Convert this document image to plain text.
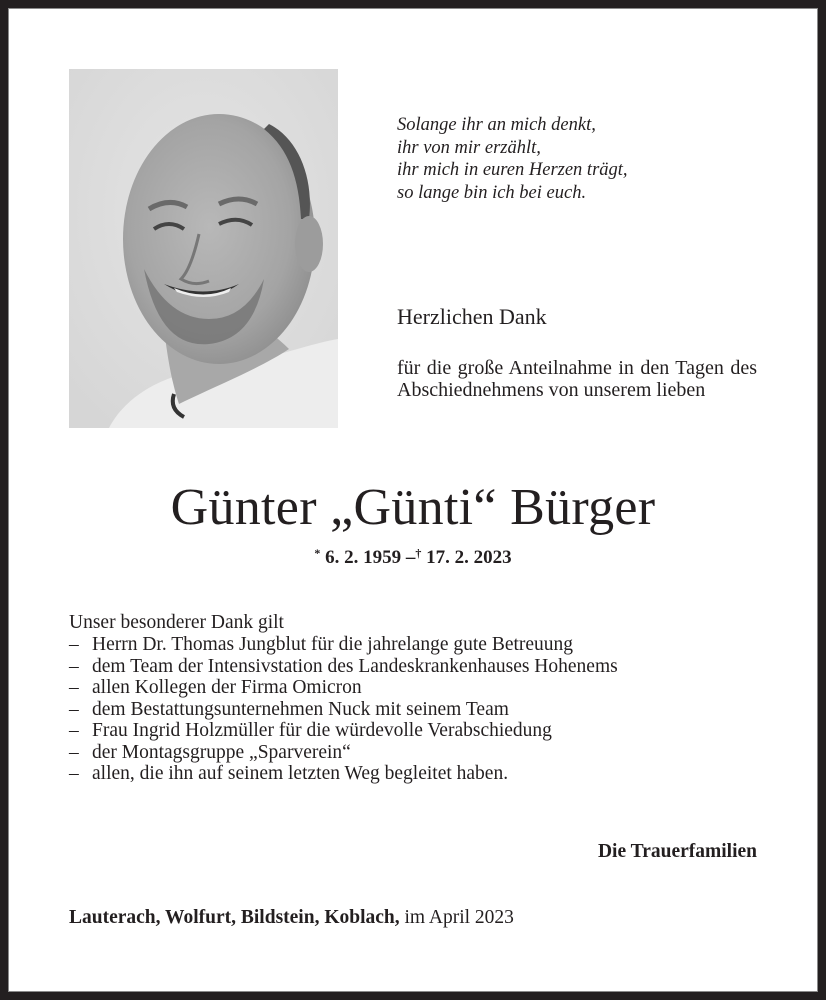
Solange ihr an mich denkt,
ihr von mir erzählt,
ihr mich in euren Herzen trägt,
so lange bin ich bei euch.
Herzlichen Dank
für die große Anteilnahme in den Tagen des Abschiednehmens von unserem lieben
Günter „Günti“ Bürger
* 6. 2. 1959 –† 17. 2. 2023
Unser besonderer Dank gilt
– Herrn Dr. Thomas Jungblut für die jahrelange gute Betreuung
– dem Team der Intensivstation des Landeskrankenhauses Hohenems
– allen Kollegen der Firma Omicron
– dem Bestattungsunternehmen Nuck mit seinem Team
– Frau Ingrid Holzmüller für die würdevolle Verabschiedung
– der Montagsgruppe „Sparverein“
– allen, die ihn auf seinem letzten Weg begleitet haben.
Die Trauerfamilien
Lauterach, Wolfurt, Bildstein, Koblach, im April 2023
